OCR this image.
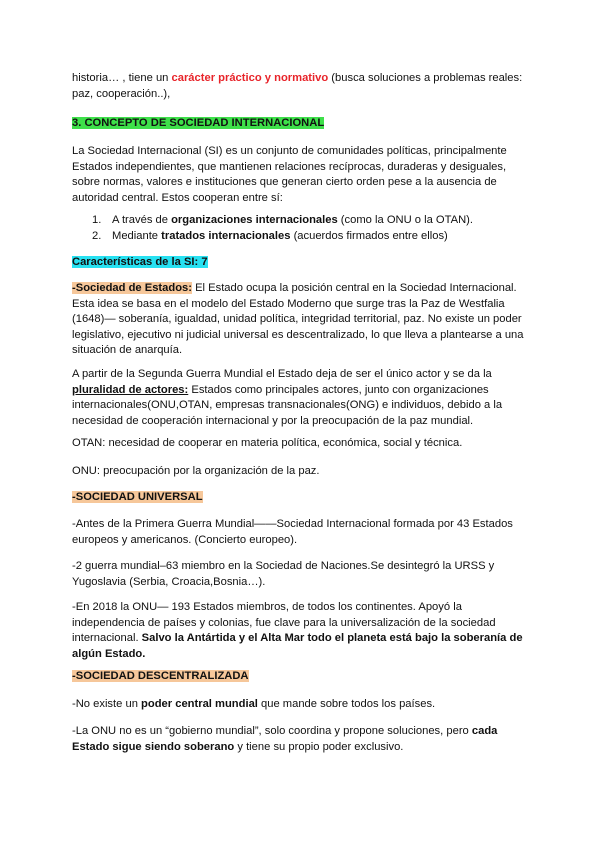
historia… , tiene un carácter práctico y normativo (busca soluciones a problemas reales: paz, cooperación..),

3. CONCEPTO DE SOCIEDAD INTERNACIONAL

La Sociedad Internacional (SI) es un conjunto de comunidades políticas, principalmente Estados independientes, que mantienen relaciones recíprocas, duraderas y desiguales, sobre normas, valores e instituciones que generan cierto orden pese a la ausencia de autoridad central. Estos cooperan entre sí:

1. A través de organizaciones internacionales (como la ONU o la OTAN).
2. Mediante tratados internacionales (acuerdos firmados entre ellos)

Características de la SI: 7

-Sociedad de Estados: El Estado ocupa la posición central en la Sociedad Internacional. Esta idea se basa en el modelo del Estado Moderno que surge tras la Paz de Westfalia (1648)— soberanía, igualdad, unidad política, integridad territorial, paz. No existe un poder legislativo, ejecutivo ni judicial universal es descentralizado, lo que lleva a plantearse a una situación de anarquía.

A partir de la Segunda Guerra Mundial el Estado deja de ser el único actor y se da la pluralidad de actores: Estados como principales actores, junto con organizaciones internacionales(ONU,OTAN, empresas transnacionales(ONG) e individuos, debido a la necesidad de cooperación internacional y por la preocupación de la paz mundial.

OTAN: necesidad de cooperar en materia política, económica, social y técnica.

ONU: preocupación por la organización de la paz.

-SOCIEDAD UNIVERSAL

-Antes de la Primera Guerra Mundial——Sociedad Internacional formada por 43 Estados europeos y americanos. (Concierto europeo).

-2 guerra mundial–63 miembro en la Sociedad de Naciones.Se desintegró la URSS y Yugoslavia (Serbia, Croacia,Bosnia…).

-En 2018 la ONU— 193 Estados miembros, de todos los continentes. Apoyó la independencia de países y colonias, fue clave para la universalización de la sociedad internacional. Salvo la Antártida y el Alta Mar todo el planeta está bajo la soberanía de algún Estado.

-SOCIEDAD DESCENTRALIZADA

-No existe un poder central mundial que mande sobre todos los países.

-La ONU no es un “gobierno mundial”, solo coordina y propone soluciones, pero cada Estado sigue siendo soberano y tiene su propio poder exclusivo.
